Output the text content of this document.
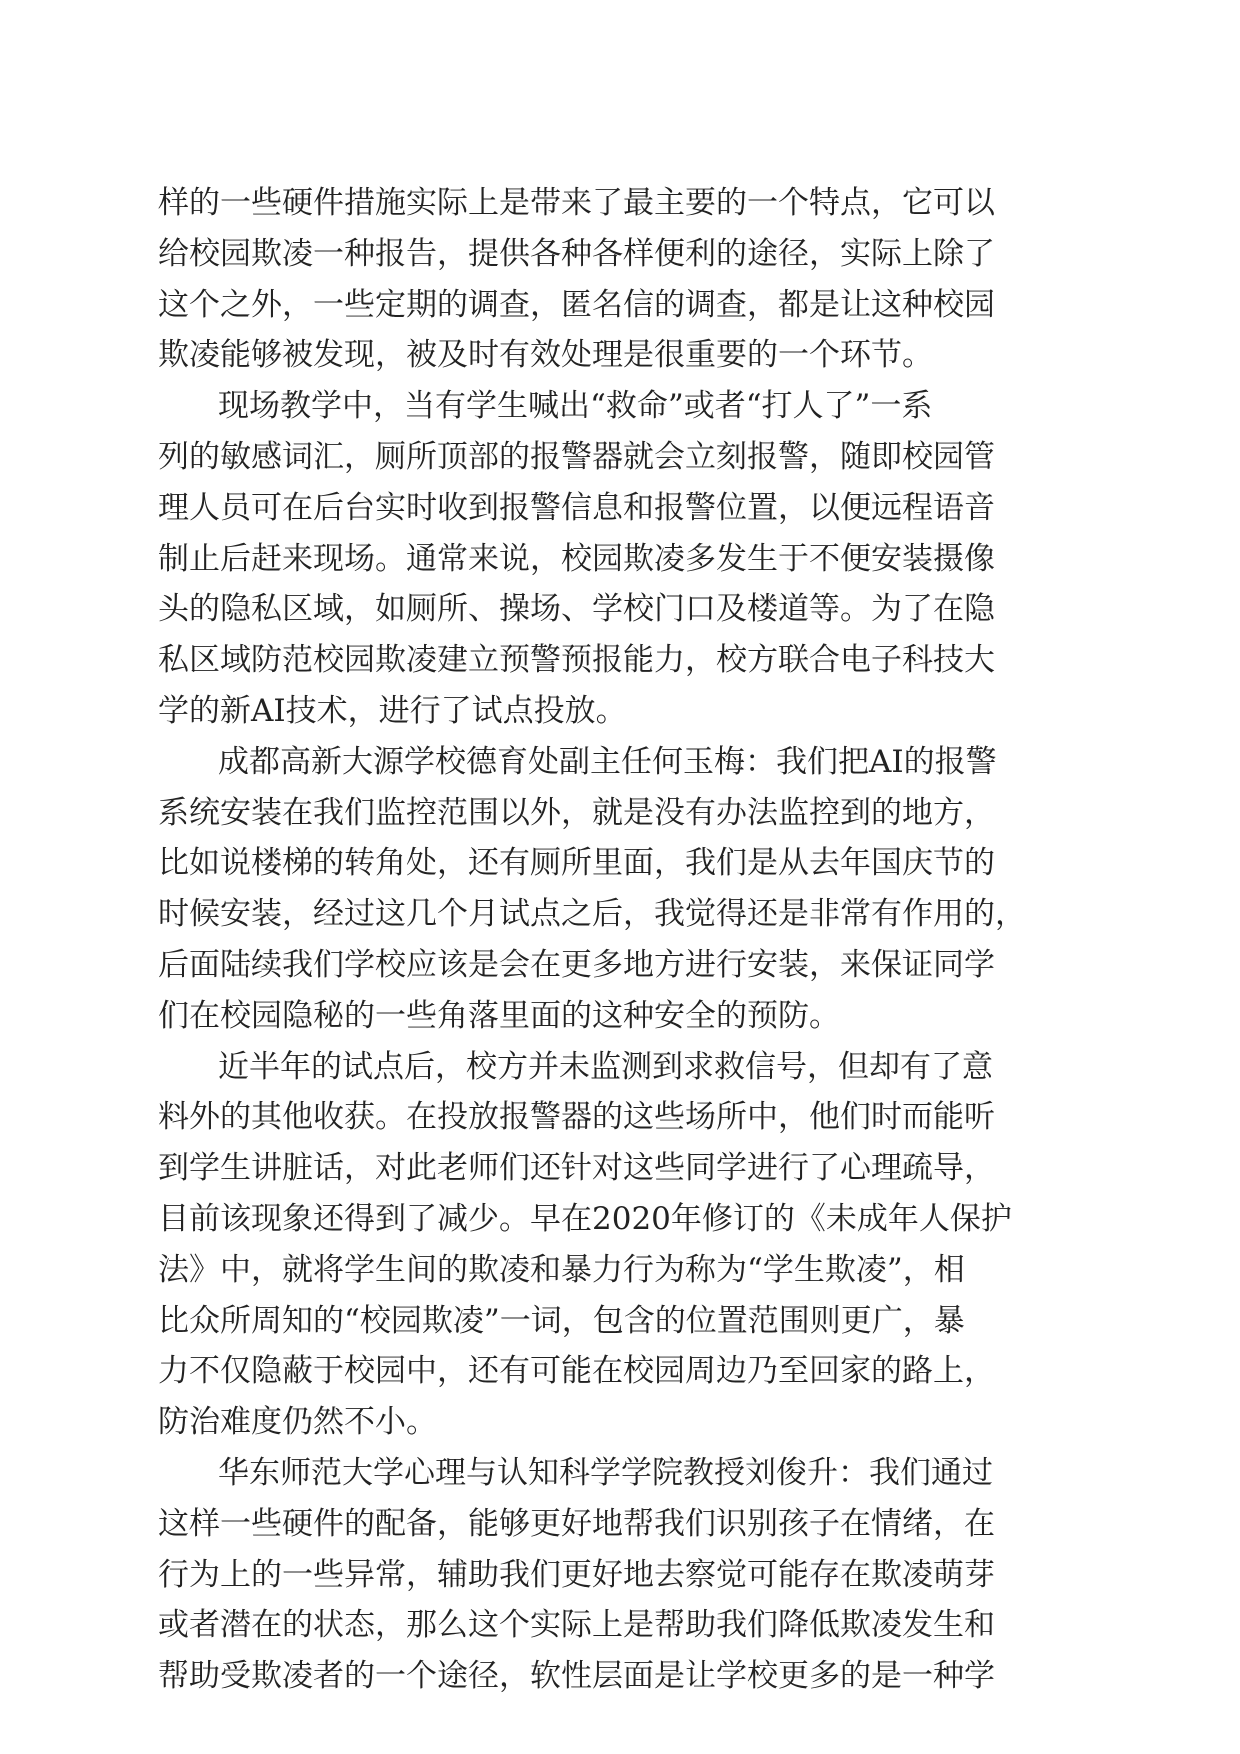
样的一些硬件措施实际上是带来了最主要的一个特点，它可以
给校园欺凌一种报告，提供各种各样便利的途径，实际上除了
这个之外，一些定期的调查，匿名信的调查，都是让这种校园
欺凌能够被发现，被及时有效处理是很重要的一个环节。
现场教学中，当有学生喊出“救命”或者“打人了”一系
列的敏感词汇，厕所顶部的报警器就会立刻报警，随即校园管
理人员可在后台实时收到报警信息和报警位置，以便远程语音
制止后赶来现场。通常来说，校园欺凌多发生于不便安装摄像
头的隐私区域，如厕所、操场、学校门口及楼道等。为了在隐
私区域防范校园欺凌建立预警预报能力，校方联合电子科技大
学的新AI技术，进行了试点投放。
成都高新大源学校德育处副主任何玉梅：我们把AI的报警
系统安装在我们监控范围以外，就是没有办法监控到的地方，
比如说楼梯的转角处，还有厕所里面，我们是从去年国庆节的
时候安装，经过这几个月试点之后，我觉得还是非常有作用的，
后面陆续我们学校应该是会在更多地方进行安装，来保证同学
们在校园隐秘的一些角落里面的这种安全的预防。
近半年的试点后，校方并未监测到求救信号，但却有了意
料外的其他收获。在投放报警器的这些场所中，他们时而能听
到学生讲脏话，对此老师们还针对这些同学进行了心理疏导，
目前该现象还得到了减少。早在2020年修订的《未成年人保护
法》中，就将学生间的欺凌和暴力行为称为“学生欺凌”，相
比众所周知的“校园欺凌”一词，包含的位置范围则更广，暴
力不仅隐蔽于校园中，还有可能在校园周边乃至回家的路上，
防治难度仍然不小。
华东师范大学心理与认知科学学院教授刘俊升：我们通过
这样一些硬件的配备，能够更好地帮我们识别孩子在情绪，在
行为上的一些异常，辅助我们更好地去察觉可能存在欺凌萌芽
或者潜在的状态，那么这个实际上是帮助我们降低欺凌发生和
帮助受欺凌者的一个途径，软性层面是让学校更多的是一种学
